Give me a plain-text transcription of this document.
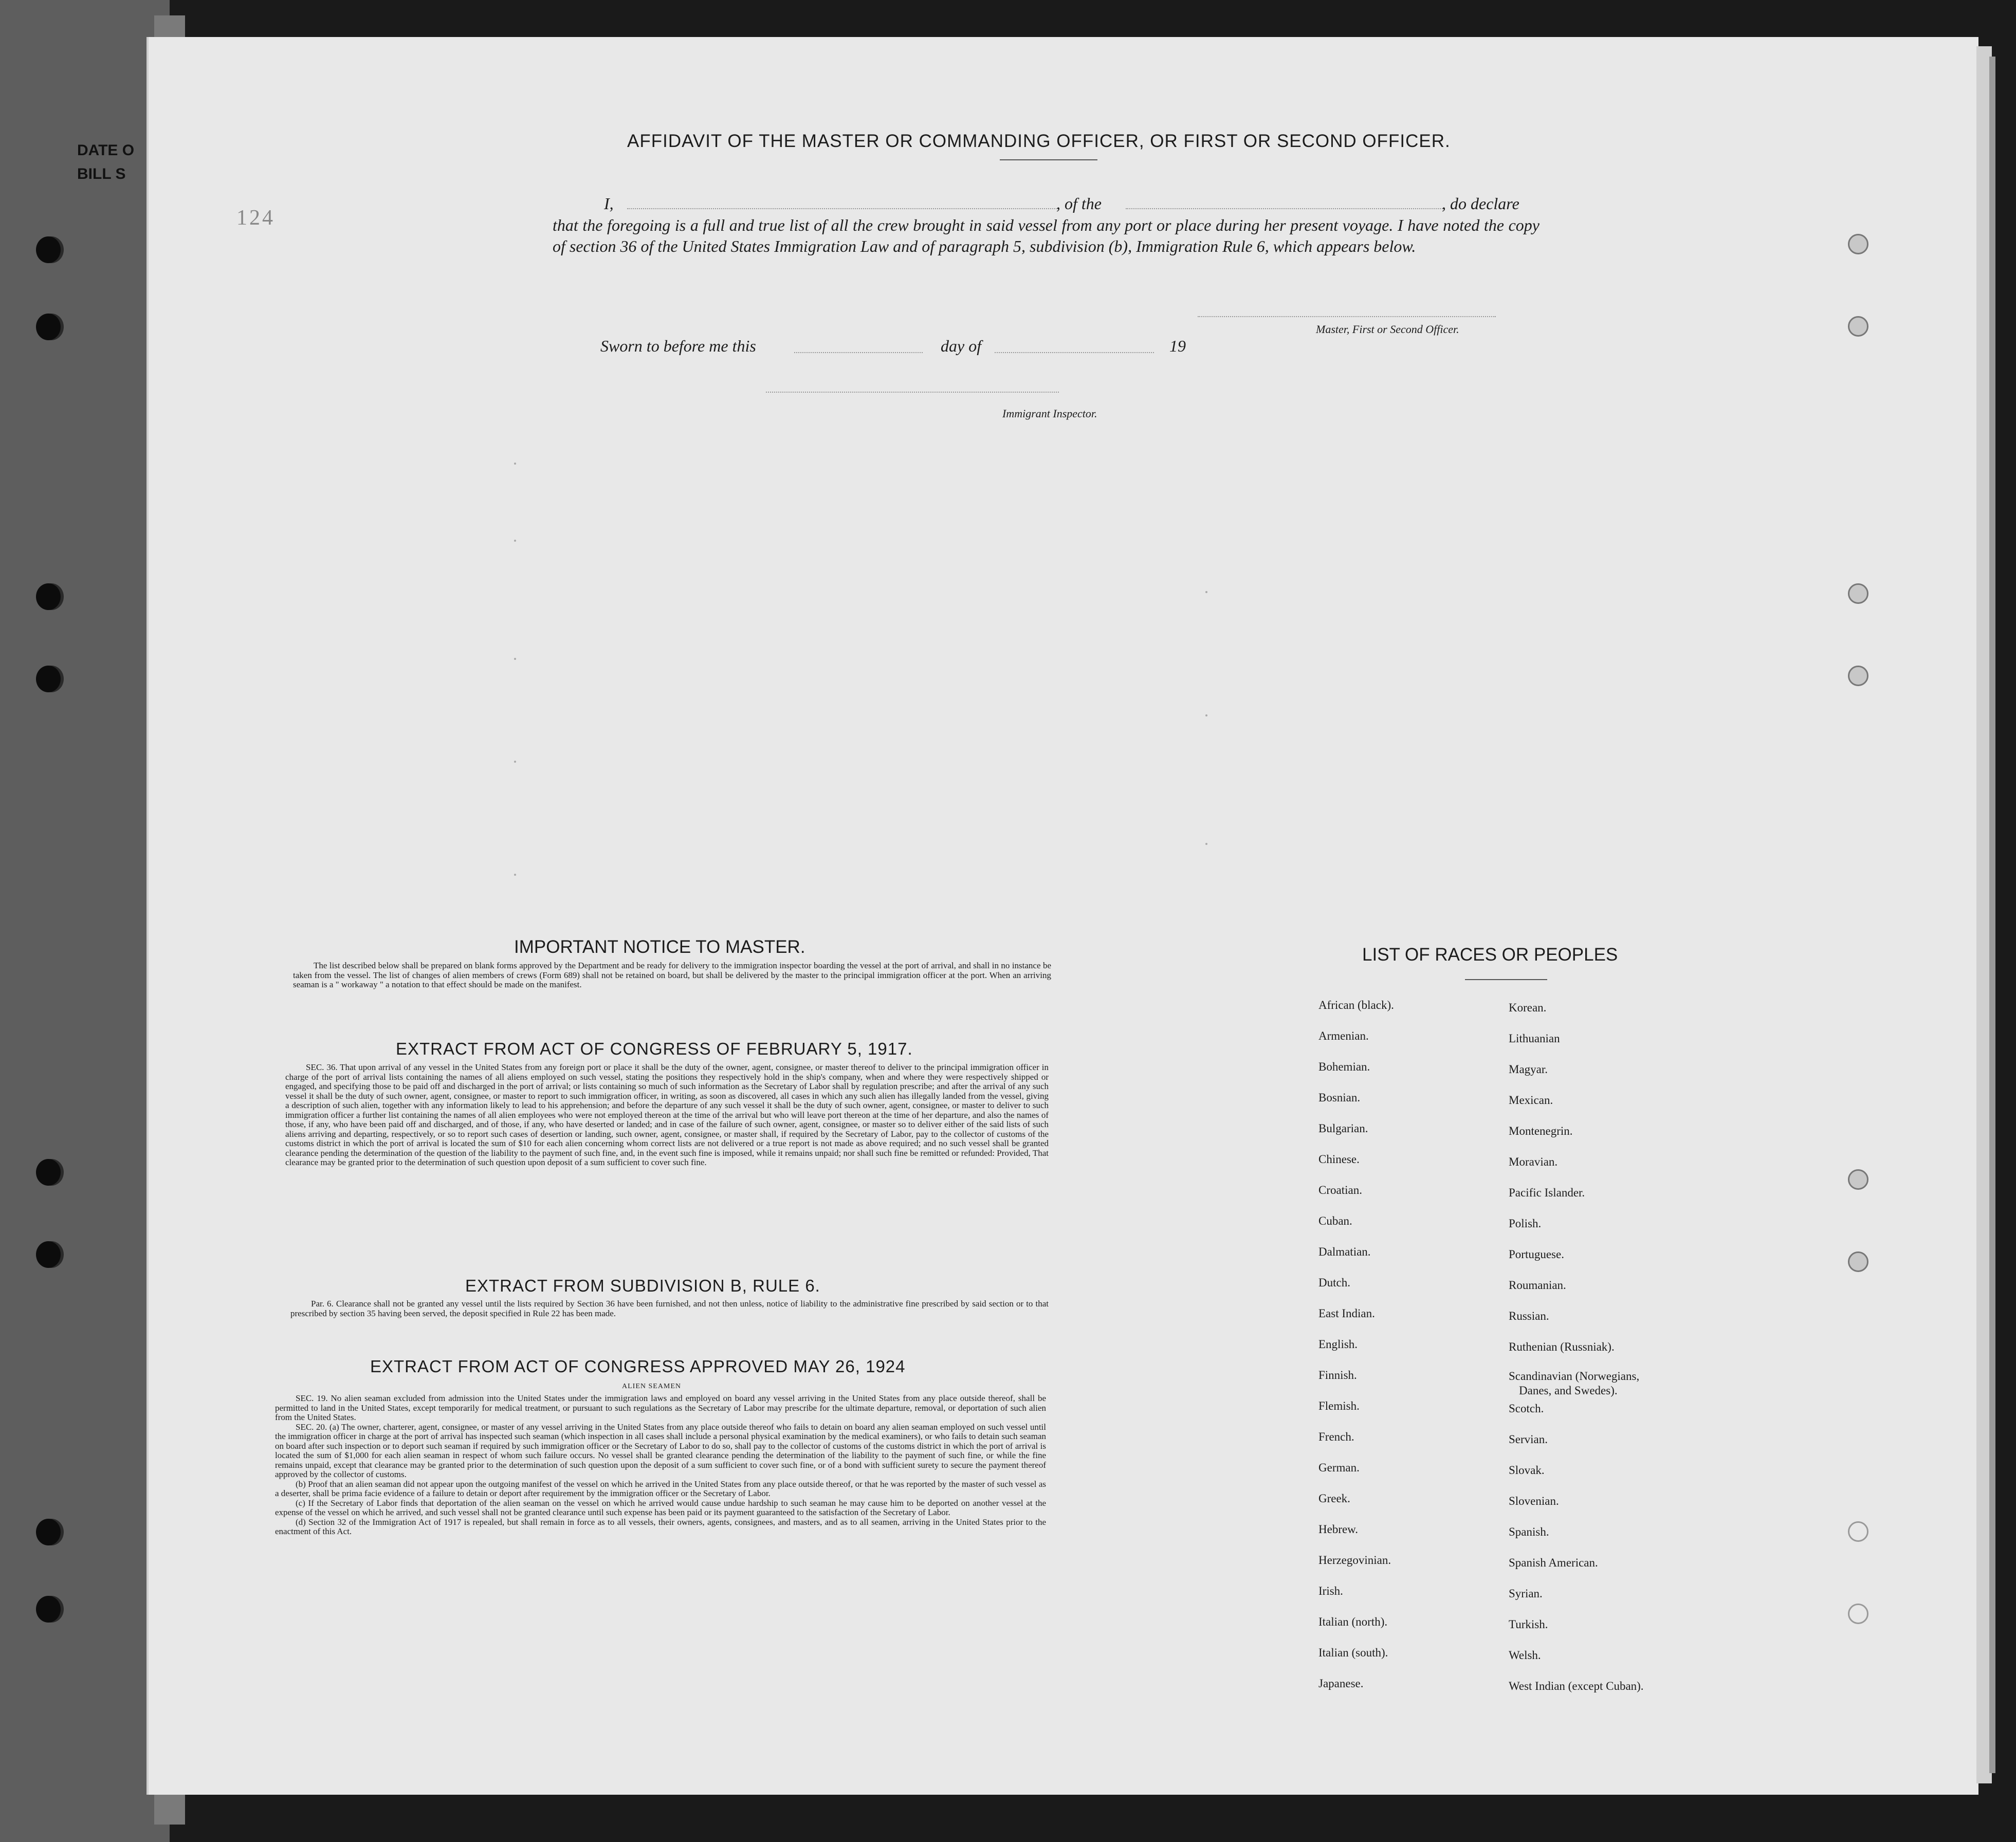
DATE O
BILL S
124
AFFIDAVIT OF THE MASTER OR COMMANDING OFFICER, OR FIRST OR SECOND OFFICER.
I,	, of the	, do declare
that the foregoing is a full and true list of all the crew brought in said vessel from any port or place during her present voyage. I have noted the copy of section 36 of the United States Immigration Law and of paragraph 5, subdivision (b), Immigration Rule 6, which appears below.
Master, First or Second Officer.
Sworn to before me this	day of	19
Immigrant Inspector.
IMPORTANT NOTICE TO MASTER.

The list described below shall be prepared on blank forms approved by the Department and be ready for delivery to the immigration inspector boarding the vessel at the port of arrival, and shall in no instance be taken from the vessel. The list of changes of alien members of crews (Form 689) shall not be retained on board, but shall be delivered by the master to the principal immigration officer at the port. When an arriving seaman is a " workaway " a notation to that effect should be made on the manifest.

EXTRACT FROM ACT OF CONGRESS OF FEBRUARY 5, 1917.

SEC. 36. That upon arrival of any vessel in the United States from any foreign port or place it shall be the duty of the owner, agent, consignee, or master thereof to deliver to the principal immigration officer in charge of the port of arrival lists containing the names of all aliens employed on such vessel, stating the positions they respectively hold in the ship's company, when and where they were respectively shipped or engaged, and specifying those to be paid off and discharged in the port of arrival; or lists containing so much of such information as the Secretary of Labor shall by regulation prescribe; and after the arrival of any such vessel it shall be the duty of such owner, agent, consignee, or master to report to such immigration officer, in writing, as soon as discovered, all cases in which any such alien has illegally landed from the vessel, giving a description of such alien, together with any information likely to lead to his apprehension; and before the departure of any such vessel it shall be the duty of such owner, agent, consignee, or master to deliver to such immigration officer a further list containing the names of all alien employees who were not employed thereon at the time of the arrival but who will leave port thereon at the time of her departure, and also the names of those, if any, who have been paid off and discharged, and of those, if any, who have deserted or landed; and in case of the failure of such owner, agent, consignee, or master so to deliver either of the said lists of such aliens arriving and departing, respectively, or so to report such cases of desertion or landing, such owner, agent, consignee, or master shall, if required by the Secretary of Labor, pay to the collector of customs of the customs district in which the port of arrival is located the sum of $10 for each alien concerning whom correct lists are not delivered or a true report is not made as above required; and no such vessel shall be granted clearance pending the determination of the question of the liability to the payment of such fine, and, in the event such fine is imposed, while it remains unpaid; nor shall such fine be remitted or refunded: Provided, That clearance may be granted prior to the determination of such question upon deposit of a sum sufficient to cover such fine.

EXTRACT FROM SUBDIVISION B, RULE 6.

Par. 6. Clearance shall not be granted any vessel until the lists required by Section 36 have been furnished, and not then unless, notice of liability to the administrative fine prescribed by said section or to that prescribed by section 35 having been served, the deposit specified in Rule 22 has been made.

EXTRACT FROM ACT OF CONGRESS APPROVED MAY 26, 1924
ALIEN SEAMEN

SEC. 19. No alien seaman excluded from admission into the United States under the immigration laws and employed on board any vessel arriving in the United States from any place outside thereof, shall be permitted to land in the United States, except temporarily for medical treatment, or pursuant to such regulations as the Secretary of Labor may prescribe for the ultimate departure, removal, or deportation of such alien from the United States.

SEC. 20. (a) The owner, charterer, agent, consignee, or master of any vessel arriving in the United States from any place outside thereof who fails to detain on board any alien seaman employed on such vessel until the immigration officer in charge at the port of arrival has inspected such seaman (which inspection in all cases shall include a personal physical examination by the medical examiners), or who fails to detain such seaman on board after such inspection or to deport such seaman if required by such immigration officer or the Secretary of Labor to do so, shall pay to the collector of customs of the customs district in which the port of arrival is located the sum of $1,000 for each alien seaman in respect of whom such failure occurs. No vessel shall be granted clearance pending the determination of the liability to the payment of such fine, or while the fine remains unpaid, except that clearance may be granted prior to the determination of such question upon the deposit of a sum sufficient to cover such fine, or of a bond with sufficient surety to secure the payment thereof approved by the collector of customs.

(b) Proof that an alien seaman did not appear upon the outgoing manifest of the vessel on which he arrived in the United States from any place outside thereof, or that he was reported by the master of such vessel as a deserter, shall be prima facie evidence of a failure to detain or deport after requirement by the immigration officer or the Secretary of Labor.

(c) If the Secretary of Labor finds that deportation of the alien seaman on the vessel on which he arrived would cause undue hardship to such seaman he may cause him to be deported on another vessel at the expense of the vessel on which he arrived, and such vessel shall not be granted clearance until such expense has been paid or its payment guaranteed to the satisfaction of the Secretary of Labor.

(d) Section 32 of the Immigration Act of 1917 is repealed, but shall remain in force as to all vessels, their owners, agents, consignees, and masters, and as to all seamen, arriving in the United States prior to the enactment of this Act.

LIST OF RACES OR PEOPLES
African (black).
Armenian.
Bohemian.
Bosnian.
Bulgarian.
Chinese.
Croatian.
Cuban.
Dalmatian.
Dutch.
East Indian.
English.
Finnish.
Flemish.
French.
German.
Greek.
Hebrew.
Herzegovinian.
Irish.
Italian (north).
Italian (south).
Japanese.
Korean.
Lithuanian
Magyar.
Mexican.
Montenegrin.
Moravian.
Pacific Islander.
Polish.
Portuguese.
Roumanian.
Russian.
Ruthenian (Russniak).
Scandinavian (Norwegians,
Danes, and Swedes).
Scotch.
Servian.
Slovak.
Slovenian.
Spanish.
Spanish American.
Syrian.
Turkish.
Welsh.
West Indian (except Cuban).
